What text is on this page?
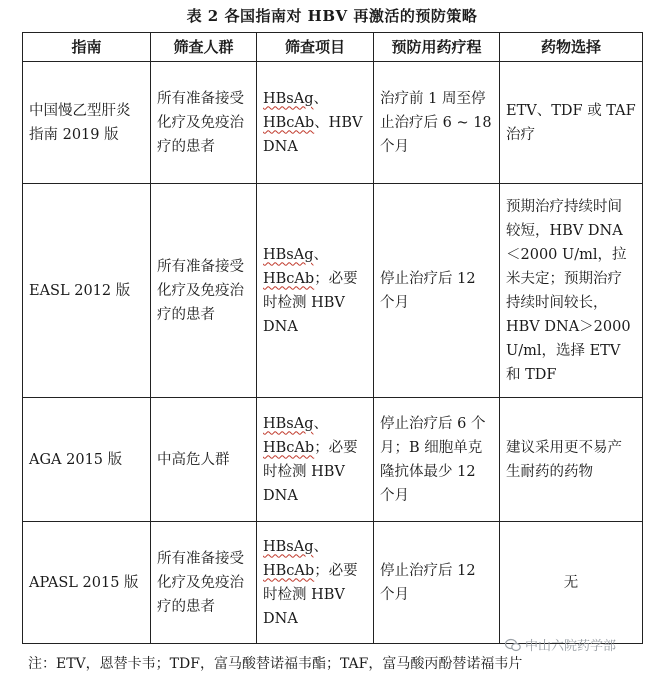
表 2 各国指南对 HBV 再激活的预防策略
指南	筛查人群	筛查项目	预防用药疗程	药物选择
中国慢乙型肝炎指南 2019 版	所有准备接受化疗及免疫治疗的患者	HBsAg、HBcAb、HBV DNA	治疗前 1 周至停止治疗后 6 ~ 18 个月	ETV、TDF 或 TAF 治疗
EASL 2012 版	所有准备接受化疗及免疫治疗的患者	HBsAg、HBcAb；必要时检测 HBV DNA	停止治疗后 12 个月	预期治疗持续时间较短，HBV DNA＜2000 U/ml，拉米夫定；预期治疗持续时间较长，HBV DNA＞2000 U/ml，选择 ETV 和 TDF
AGA 2015 版	中高危人群	HBsAg、HBcAb；必要时检测 HBV DNA	停止治疗后 6 个月；B 细胞单克隆抗体最少 12 个月	建议采用更不易产生耐药的药物
APASL 2015 版	所有准备接受化疗及免疫治疗的患者	HBsAg、HBcAb；必要时检测 HBV DNA	停止治疗后 12 个月	无
中山六院药学部
注：ETV，恩替卡韦；TDF，富马酸替诺福韦酯；TAF，富马酸丙酚替诺福韦片
